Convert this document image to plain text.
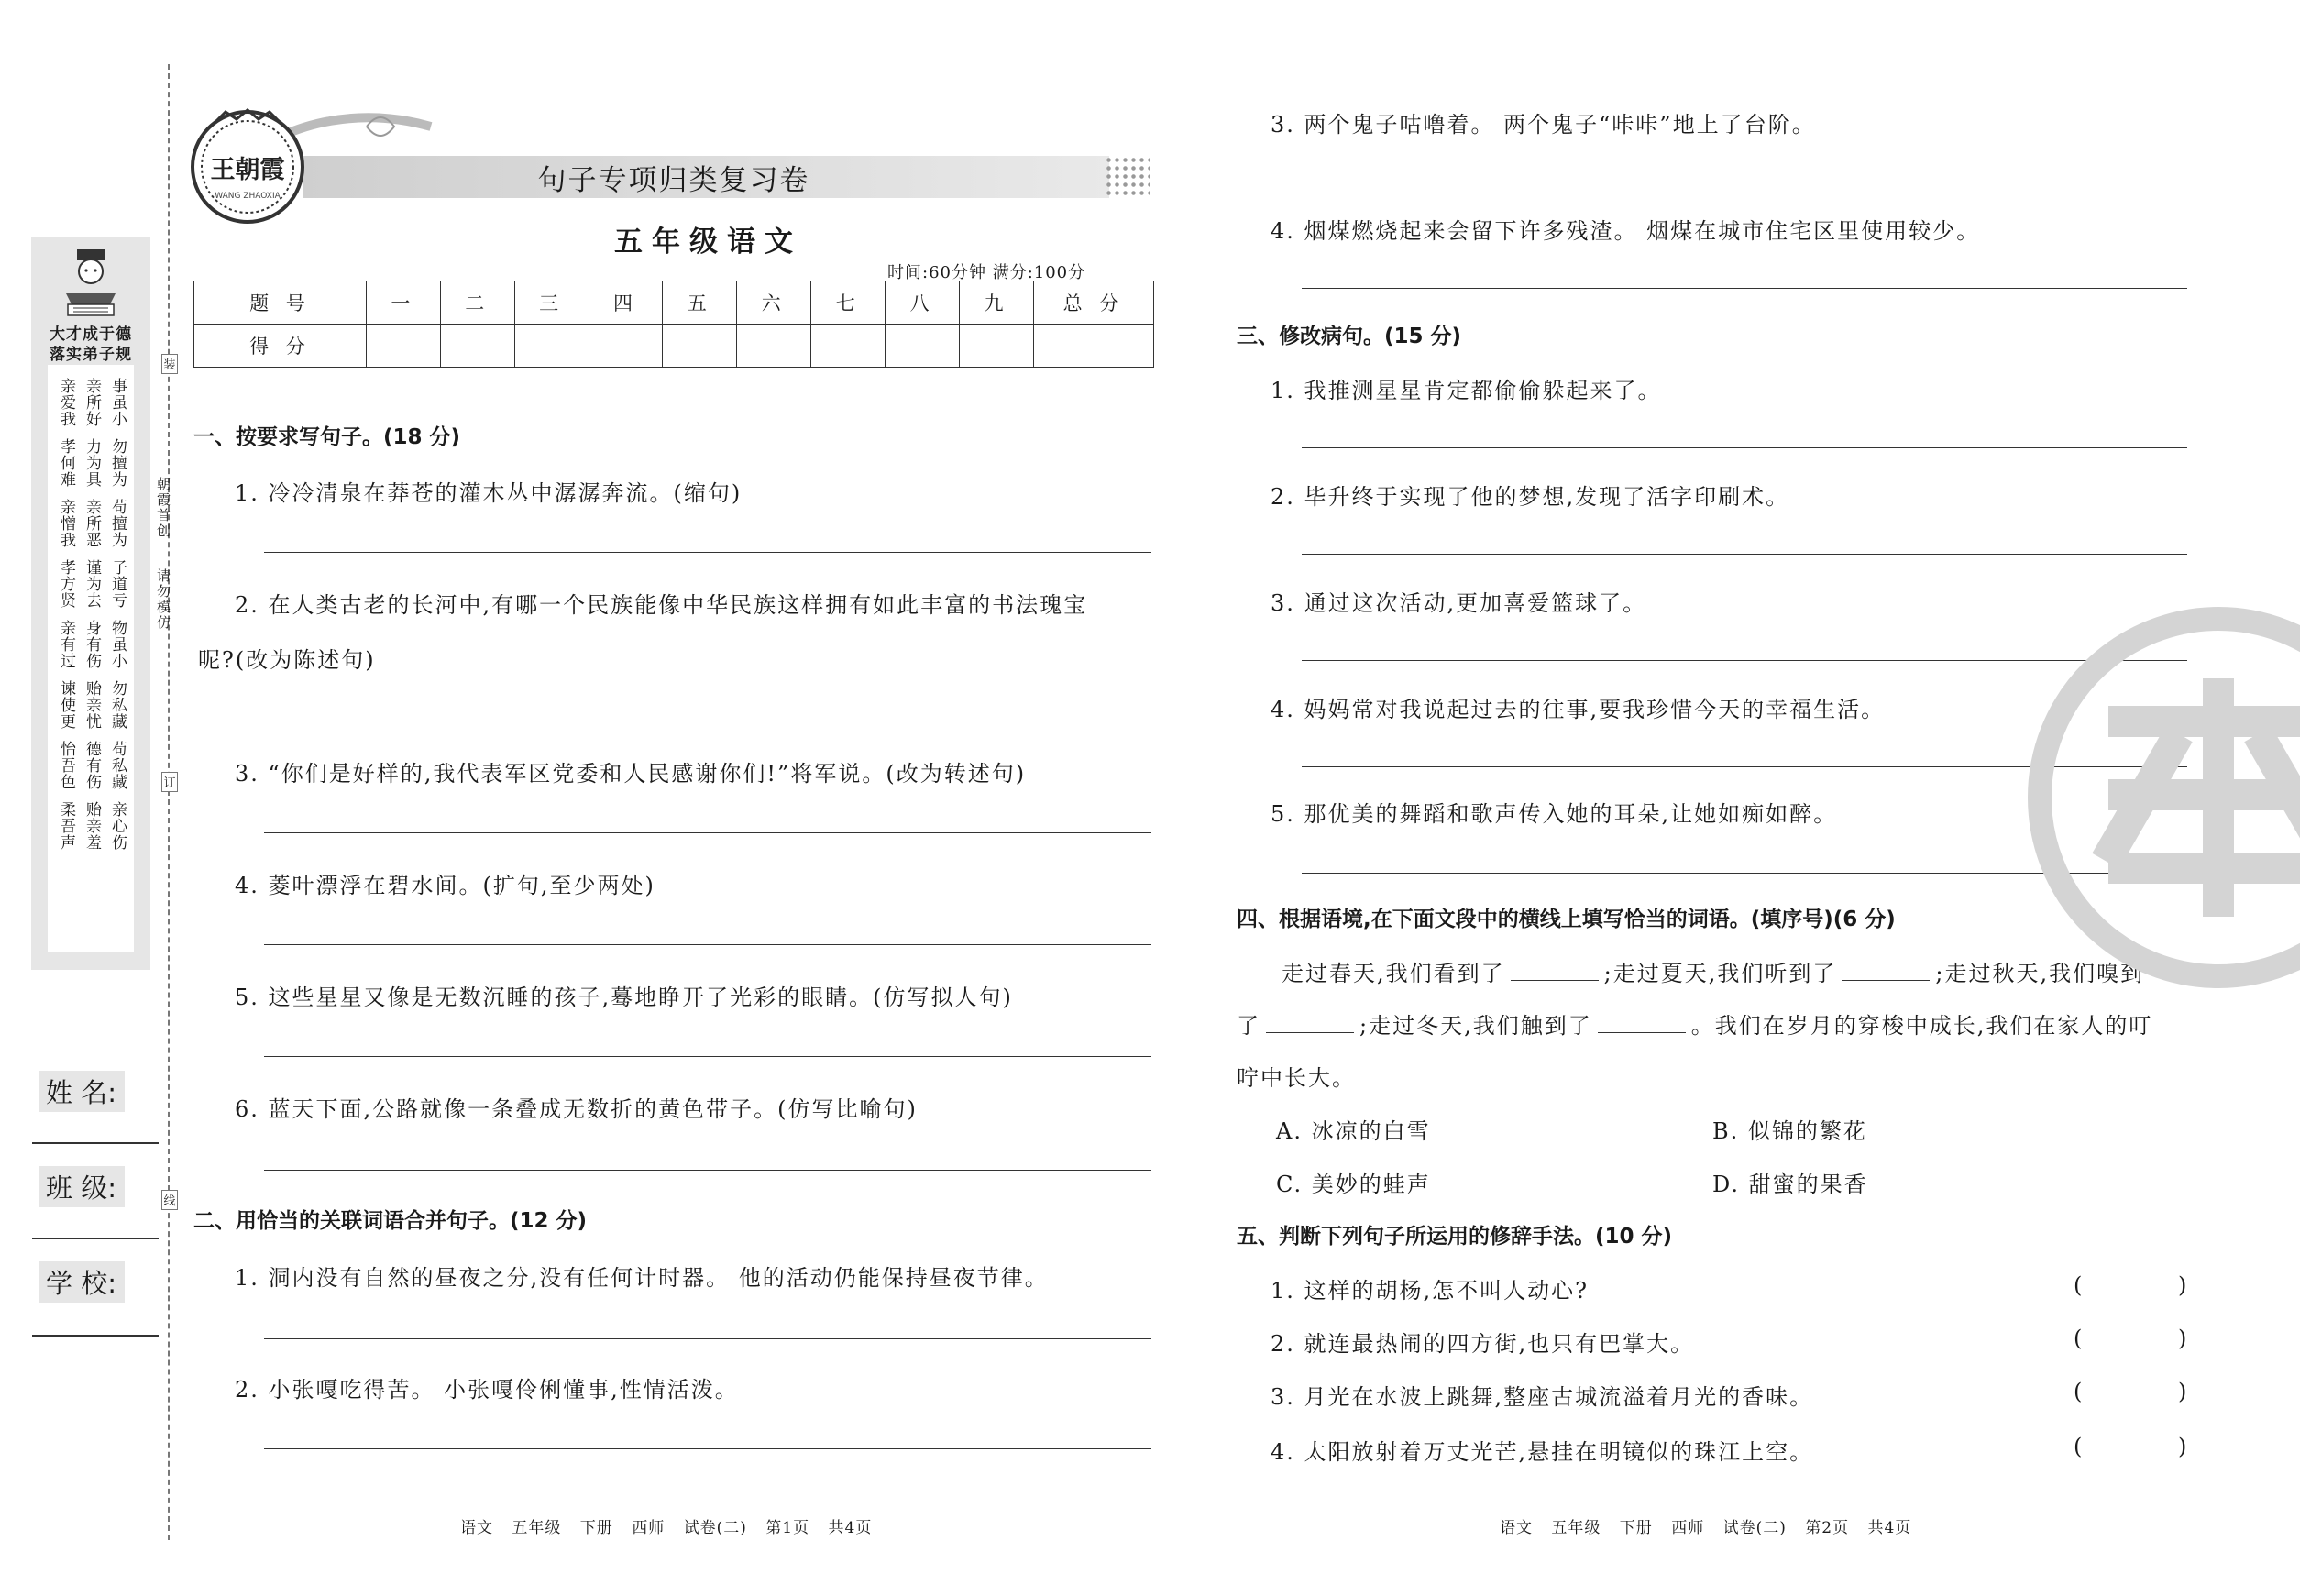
大才成于德
落实弟子规
亲爱我 亲所好 事虽小
孝何难 力为具 勿擅为
亲憎我 亲所恶 苟擅为
孝方贤 谨为去 子道亏
亲有过 身有伤 物虽小
谏使更 贻亲忧 勿私藏
怡吾色 德有伤 苟私藏
柔吾声 贻亲羞 亲心伤
姓 名:
班 级:
学 校:
朝霞首创
请勿模仿
装
订
线
句子专项归类复习卷
王朝霞
WANG ZHAOXIA
五年级语文
时间:60分钟 满分:100分
题 号	一	二	三	四	五	六	七	八	九	总 分
得 分										
一、按要求写句子。(18 分)
1. 冷冷清泉在莽苍的灌木丛中潺潺奔流。(缩句)
2. 在人类古老的长河中,有哪一个民族能像中华民族这样拥有如此丰富的书法瑰宝
呢?(改为陈述句)
3. “你们是好样的,我代表军区党委和人民感谢你们!”将军说。(改为转述句)
4. 菱叶漂浮在碧水间。(扩句,至少两处)
5. 这些星星又像是无数沉睡的孩子,蓦地睁开了光彩的眼睛。(仿写拟人句)
6. 蓝天下面,公路就像一条叠成无数折的黄色带子。(仿写比喻句)
二、用恰当的关联词语合并句子。(12 分)
1. 洞内没有自然的昼夜之分,没有任何计时器。 他的活动仍能保持昼夜节律。
2. 小张嘎吃得苦。 小张嘎伶俐懂事,性情活泼。
3. 两个鬼子咕噜着。 两个鬼子“咔咔”地上了台阶。
4. 烟煤燃烧起来会留下许多残渣。 烟煤在城市住宅区里使用较少。
三、修改病句。(15 分)
1. 我推测星星肯定都偷偷躲起来了。
2. 毕升终于实现了他的梦想,发现了活字印刷术。
3. 通过这次活动,更加喜爱篮球了。
4. 妈妈常对我说起过去的往事,要我珍惜今天的幸福生活。
5. 那优美的舞蹈和歌声传入她的耳朵,让她如痴如醉。
四、根据语境,在下面文段中的横线上填写恰当的词语。(填序号)(6 分)
走过春天,我们看到了	;走过夏天,我们听到了	;走过秋天,我们嗅到
了	;走过冬天,我们触到了	。我们在岁月的穿梭中成长,我们在家人的叮
咛中长大。
A. 冰凉的白雪	B. 似锦的繁花
C. 美妙的蛙声	D. 甜蜜的果香
五、判断下列句子所运用的修辞手法。(10 分)
1. 这样的胡杨,怎不叫人动心?	(	)
2. 就连最热闹的四方街,也只有巴掌大。	(	)
3. 月光在水波上跳舞,整座古城流溢着月光的香味。	(	)
4. 太阳放射着万丈光芒,悬挂在明镜似的珠江上空。	(	)
语文 五年级 下册 西师 试卷(二) 第1页 共4页	语文 五年级 下册 西师 试卷(二) 第2页 共4页
